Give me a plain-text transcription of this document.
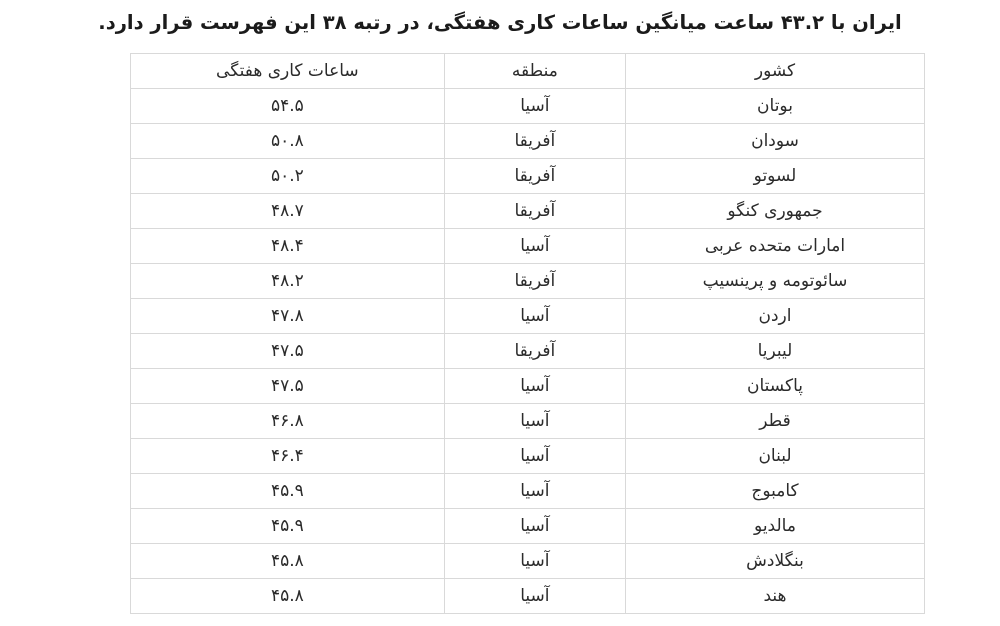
ایران با ۴۳.۲ ساعت میانگین ساعات کاری هفتگی، در رتبه ۳۸ این فهرست قرار دارد.
کشور	منطقه	ساعات کاری هفتگی
بوتان	آسیا	۵۴.۵
سودان	آفریقا	۵۰.۸
لسوتو	آفریقا	۵۰.۲
جمهوری کنگو	آفریقا	۴۸.۷
امارات متحده عربی	آسیا	۴۸.۴
سائوتومه و پرینسیپ	آفریقا	۴۸.۲
اردن	آسیا	۴۷.۸
لیبریا	آفریقا	۴۷.۵
پاکستان	آسیا	۴۷.۵
قطر	آسیا	۴۶.۸
لبنان	آسیا	۴۶.۴
کامبوج	آسیا	۴۵.۹
مالدیو	آسیا	۴۵.۹
بنگلادش	آسیا	۴۵.۸
هند	آسیا	۴۵.۸
